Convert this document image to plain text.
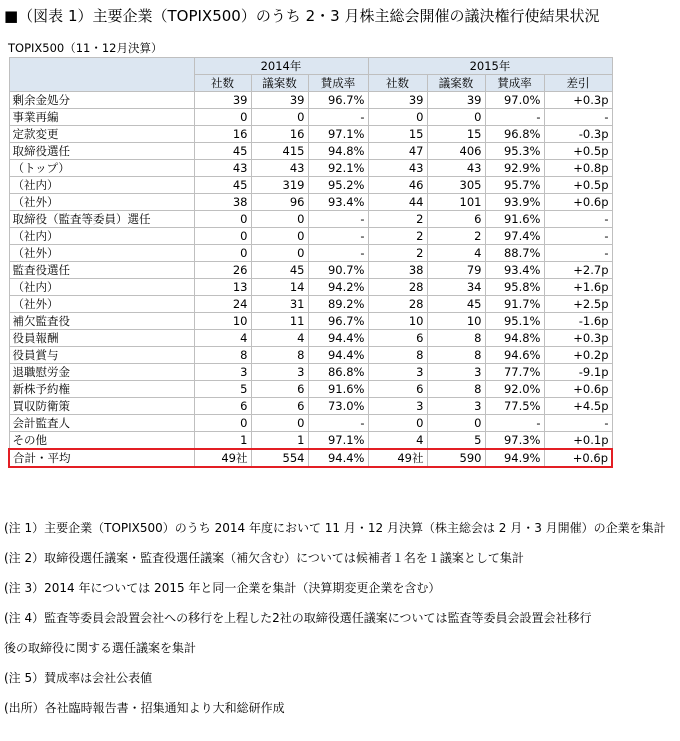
■（図表 1）主要企業（TOPIX500）のうち 2・3 月株主総会開催の議決権行使結果状況
TOPIX500（11・12月決算）
	2014年			2015年			
	社数	議案数	賛成率	社数	議案数	賛成率	差引
剰余金処分	39	39	96.7%	39	39	97.0%	+0.3p
事業再編	0	0	-	0	0	-	-
定款変更	16	16	97.1%	15	15	96.8%	-0.3p
取締役選任	45	415	94.8%	47	406	95.3%	+0.5p
（トップ）	43	43	92.1%	43	43	92.9%	+0.8p
（社内）	45	319	95.2%	46	305	95.7%	+0.5p
（社外）	38	96	93.4%	44	101	93.9%	+0.6p
取締役（監査等委員）選任	0	0	-	2	6	91.6%	-
（社内）	0	0	-	2	2	97.4%	-
（社外）	0	0	-	2	4	88.7%	-
監査役選任	26	45	90.7%	38	79	93.4%	+2.7p
（社内）	13	14	94.2%	28	34	95.8%	+1.6p
（社外）	24	31	89.2%	28	45	91.7%	+2.5p
補欠監査役	10	11	96.7%	10	10	95.1%	-1.6p
役員報酬	4	4	94.4%	6	8	94.8%	+0.3p
役員賞与	8	8	94.4%	8	8	94.6%	+0.2p
退職慰労金	3	3	86.8%	3	3	77.7%	-9.1p
新株予約権	5	6	91.6%	6	8	92.0%	+0.6p
買収防衛策	6	6	73.0%	3	3	77.5%	+4.5p
会計監査人	0	0	-	0	0	-	-
その他	1	1	97.1%	4	5	97.3%	+0.1p
合計・平均	49社	554	94.4%	49社	590	94.9%	+0.6p
(注 1）主要企業（TOPIX500）のうち 2014 年度において 11 月・12 月決算（株主総会は 2 月・3 月開催）の企業を集計
(注 2）取締役選任議案・監査役選任議案（補欠含む）については候補者１名を１議案として集計
(注 3）2014 年については 2015 年と同一企業を集計（決算期変更企業を含む）
(注 4）監査等委員会設置会社への移行を上程した2社の取締役選任議案については監査等委員会設置会社移行
後の取締役に関する選任議案を集計
(注 5）賛成率は会社公表値
(出所）各社臨時報告書・招集通知より大和総研作成
